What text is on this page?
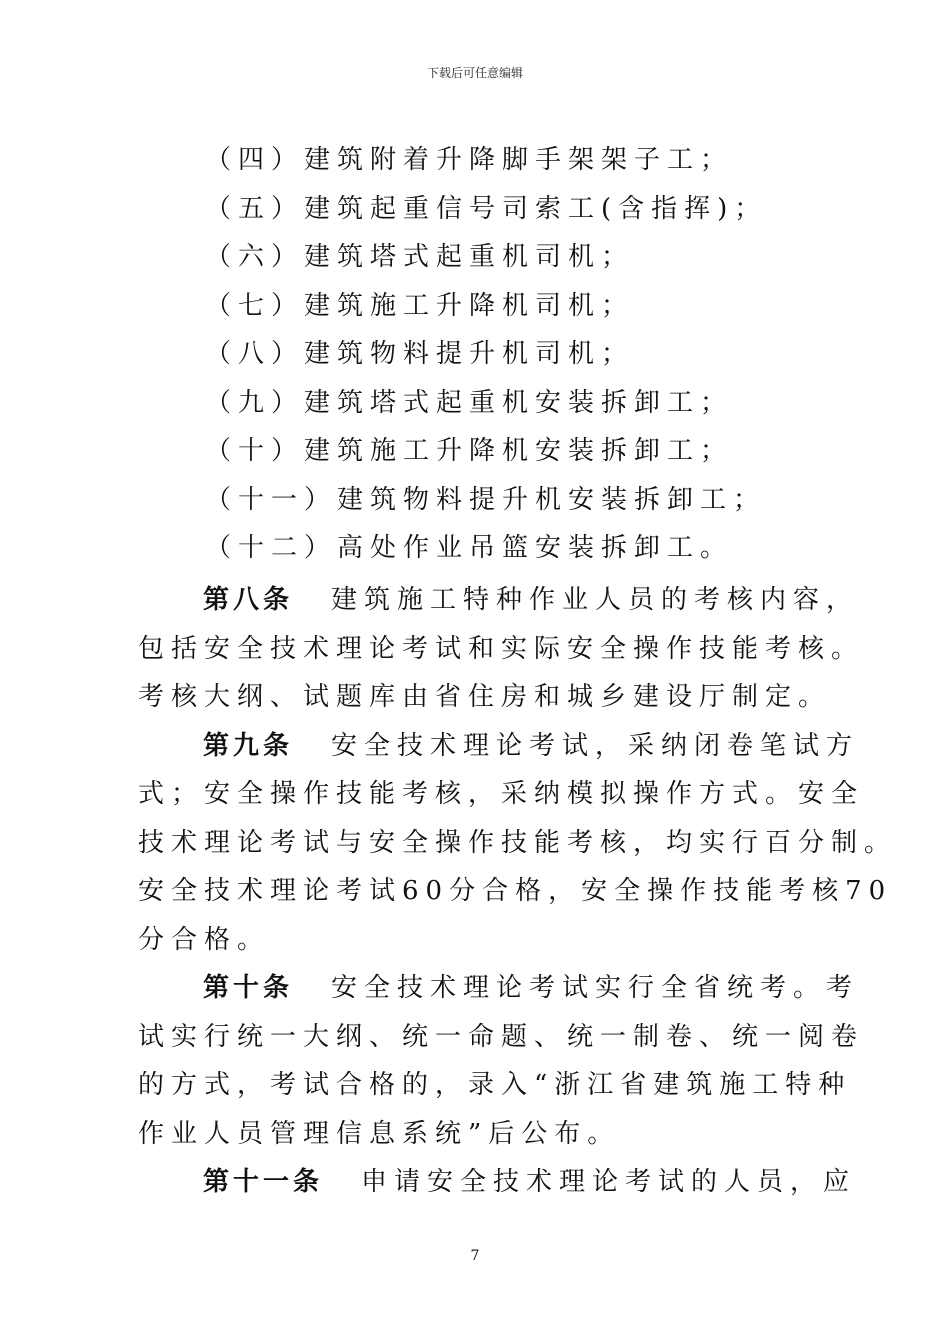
下载后可任意编辑
（四）建筑附着升降脚手架架子工；
（五）建筑起重信号司索工(含指挥)；
（六）建筑塔式起重机司机；
（七）建筑施工升降机司机；
（八）建筑物料提升机司机；
（九）建筑塔式起重机安装拆卸工；
（十）建筑施工升降机安装拆卸工；
（十一）建筑物料提升机安装拆卸工；
（十二）高处作业吊篮安装拆卸工。
第八条 建筑施工特种作业人员的考核内容，
包括安全技术理论考试和实际安全操作技能考核。
考核大纲、试题库由省住房和城乡建设厅制定。
第九条 安全技术理论考试，采纳闭卷笔试方
式；安全操作技能考核，采纳模拟操作方式。安全
技术理论考试与安全操作技能考核，均实行百分制。
安全技术理论考试60分合格，安全操作技能考核70
分合格。
第十条 安全技术理论考试实行全省统考。考
试实行统一大纲、统一命题、统一制卷、统一阅卷
的方式，考试合格的，录入“浙江省建筑施工特种
作业人员管理信息系统”后公布。
第十一条 申请安全技术理论考试的人员，应
7
